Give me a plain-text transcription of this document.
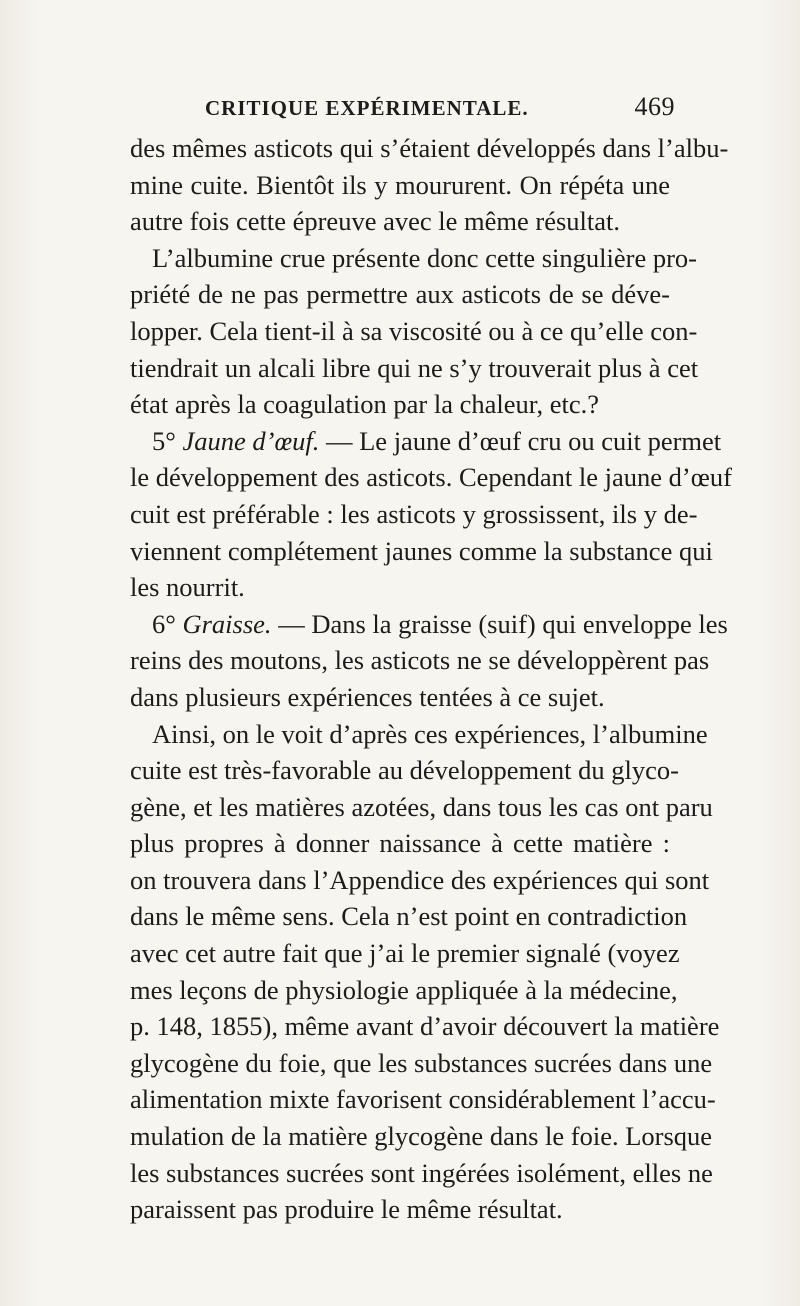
CRITIQUE EXPÉRIMENTALE.	469
des mêmes asticots qui s’étaient développés dans l’albu-
mine cuite. Bientôt ils y moururent. On répéta une
autre fois cette épreuve avec le même résultat.
L’albumine crue présente donc cette singulière pro-
priété de ne pas permettre aux asticots de se déve-
lopper. Cela tient-il à sa viscosité ou à ce qu’elle con-
tiendrait un alcali libre qui ne s’y trouverait plus à cet
état après la coagulation par la chaleur, etc.?
5° Jaune d’œuf. — Le jaune d’œuf cru ou cuit permet
le développement des asticots. Cependant le jaune d’œuf
cuit est préférable : les asticots y grossissent, ils y de-
viennent complétement jaunes comme la substance qui
les nourrit.
6° Graisse. — Dans la graisse (suif) qui enveloppe les
reins des moutons, les asticots ne se développèrent pas
dans plusieurs expériences tentées à ce sujet.
Ainsi, on le voit d’après ces expériences, l’albumine
cuite est très-favorable au développement du glyco-
gène, et les matières azotées, dans tous les cas ont paru
plus propres à donner naissance à cette matière :
on trouvera dans l’Appendice des expériences qui sont
dans le même sens. Cela n’est point en contradiction
avec cet autre fait que j’ai le premier signalé (voyez
mes leçons de physiologie appliquée à la médecine,
p. 148, 1855), même avant d’avoir découvert la matière
glycogène du foie, que les substances sucrées dans une
alimentation mixte favorisent considérablement l’accu-
mulation de la matière glycogène dans le foie. Lorsque
les substances sucrées sont ingérées isolément, elles ne
paraissent pas produire le même résultat.
